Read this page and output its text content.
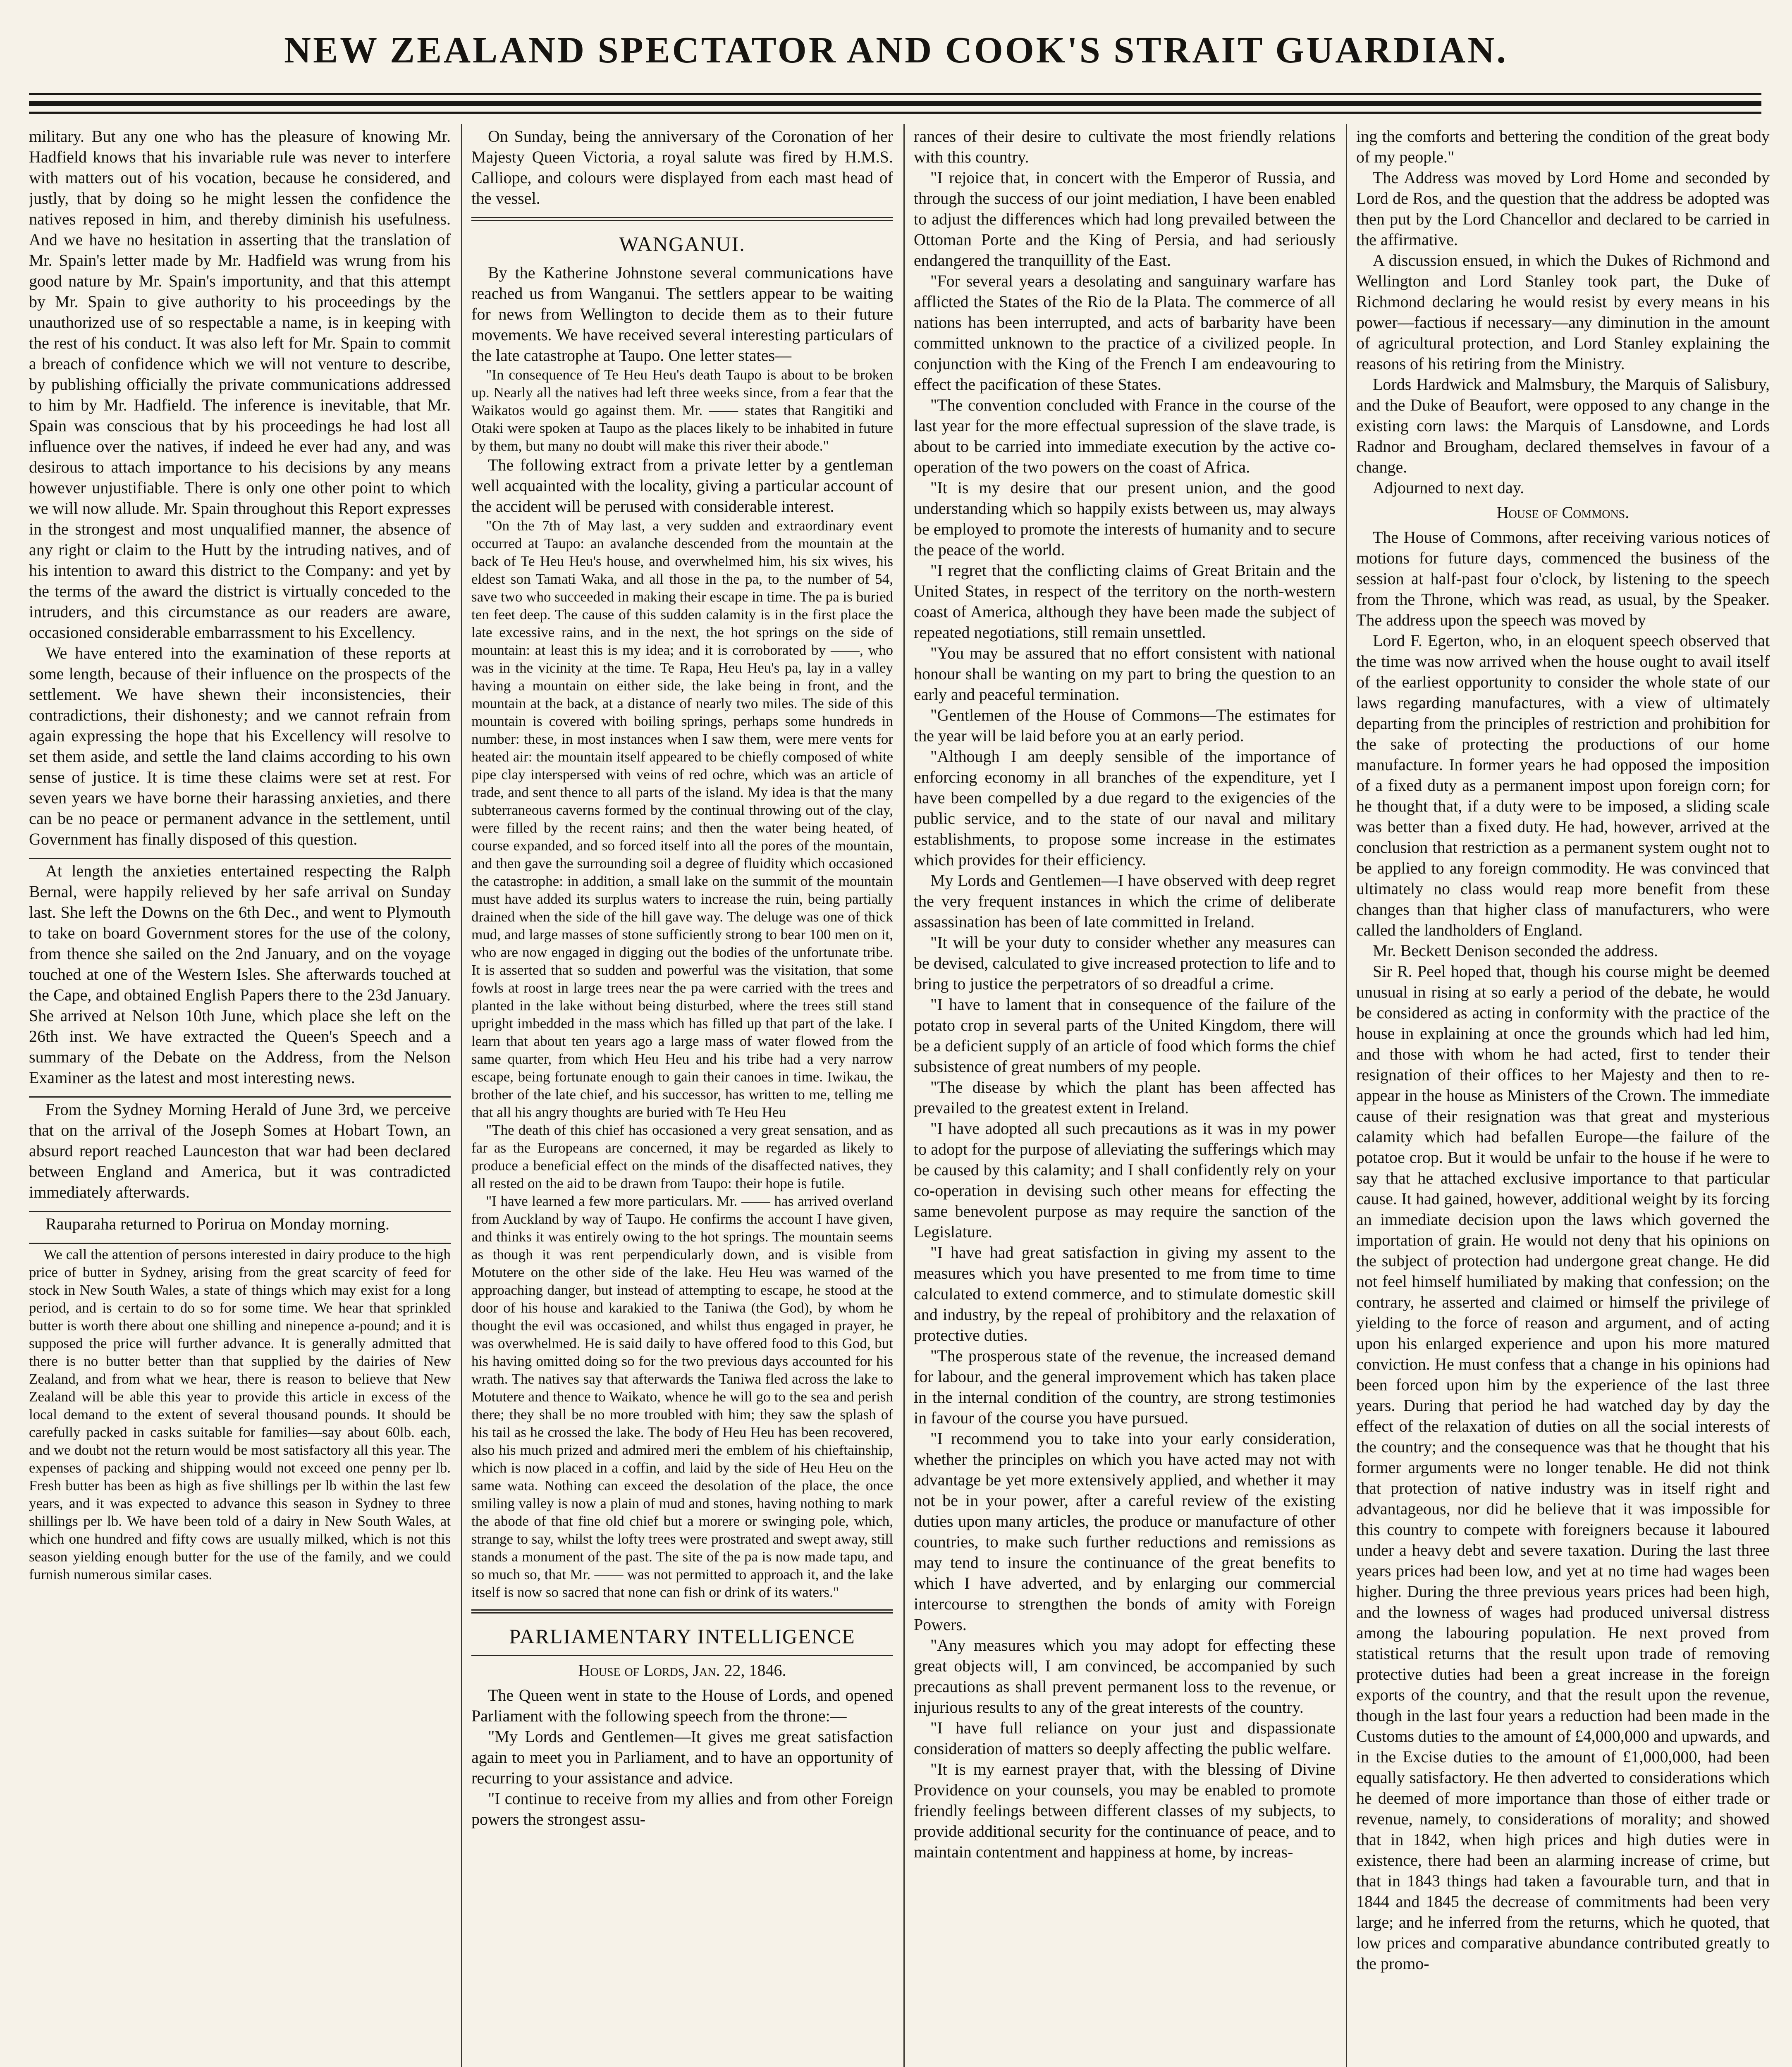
NEW ZEALAND SPECTATOR AND COOK'S STRAIT GUARDIAN.

military. But any one who has the pleasure of knowing Mr. Hadfield knows that his invariable rule was never to interfere with matters out of his vocation, because he considered, and justly, that by doing so he might lessen the confidence the natives reposed in him, and thereby diminish his usefulness. And we have no hesitation in asserting that the translation of Mr. Spain's letter made by Mr. Hadfield was wrung from his good nature by Mr. Spain's importunity, and that this attempt by Mr. Spain to give authority to his proceedings by the unauthorized use of so respectable a name, is in keeping with the rest of his conduct. It was also left for Mr. Spain to commit a breach of confidence which we will not venture to describe, by publishing officially the private communications addressed to him by Mr. Hadfield. The inference is inevitable, that Mr. Spain was conscious that by his proceedings he had lost all influence over the natives, if indeed he ever had any, and was desirous to attach importance to his decisions by any means however unjustifiable. There is only one other point to which we will now allude. Mr. Spain throughout this Report expresses in the strongest and most unqualified manner, the absence of any right or claim to the Hutt by the intruding natives, and of his intention to award this district to the Company: and yet by the terms of the award the district is virtually conceded to the intruders, and this circumstance as our readers are aware, occasioned considerable embarrassment to his Excellency.

We have entered into the examination of these reports at some length, because of their influence on the prospects of the settlement. We have shewn their inconsistencies, their contradictions, their dishonesty; and we cannot refrain from again expressing the hope that his Excellency will resolve to set them aside, and settle the land claims according to his own sense of justice. It is time these claims were set at rest. For seven years we have borne their harassing anxieties, and there can be no peace or permanent advance in the settlement, until Government has finally disposed of this question.

At length the anxieties entertained respecting the Ralph Bernal, were happily relieved by her safe arrival on Sunday last. She left the Downs on the 6th Dec., and went to Plymouth to take on board Government stores for the use of the colony, from thence she sailed on the 2nd January, and on the voyage touched at one of the Western Isles. She afterwards touched at the Cape, and obtained English Papers there to the 23d January. She arrived at Nelson 10th June, which place she left on the 26th inst. We have extracted the Queen's Speech and a summary of the Debate on the Address, from the Nelson Examiner as the latest and most interesting news.

From the Sydney Morning Herald of June 3rd, we perceive that on the arrival of the Joseph Somes at Hobart Town, an absurd report reached Launceston that war had been declared between England and America, but it was contradicted immediately afterwards.

Rauparaha returned to Porirua on Monday morning.

We call the attention of persons interested in dairy produce to the high price of butter in Sydney, arising from the great scarcity of feed for stock in New South Wales, a state of things which may exist for a long period, and is certain to do so for some time. We hear that sprinkled butter is worth there about one shilling and ninepence a-pound; and it is supposed the price will further advance. It is generally admitted that there is no butter better than that supplied by the dairies of New Zealand, and from what we hear, there is reason to believe that New Zealand will be able this year to provide this article in excess of the local demand to the extent of several thousand pounds. It should be carefully packed in casks suitable for families—say about 60lb. each, and we doubt not the return would be most satisfactory all this year. The expenses of packing and shipping would not exceed one penny per lb. Fresh butter has been as high as five shillings per lb within the last few years, and it was expected to advance this season in Sydney to three shillings per lb. We have been told of a dairy in New South Wales, at which one hundred and fifty cows are usually milked, which is not this season yielding enough butter for the use of the family, and we could furnish numerous similar cases.

On Sunday, being the anniversary of the Coronation of her Majesty Queen Victoria, a royal salute was fired by H.M.S. Calliope, and colours were displayed from each mast head of the vessel.

WANGANUI.

By the Katherine Johnstone several communications have reached us from Wanganui. The settlers appear to be waiting for news from Wellington to decide them as to their future movements. We have received several interesting particulars of the late catastrophe at Taupo. One letter states—

"In consequence of Te Heu Heu's death Taupo is about to be broken up. Nearly all the natives had left three weeks since, from a fear that the Waikatos would go against them. Mr. —— states that Rangitiki and Otaki were spoken at Taupo as the places likely to be inhabited in future by them, but many no doubt will make this river their abode."

The following extract from a private letter by a gentleman well acquainted with the locality, giving a particular account of the accident will be perused with considerable interest.

"On the 7th of May last, a very sudden and extraordinary event occurred at Taupo: an avalanche descended from the mountain at the back of Te Heu Heu's house, and overwhelmed him, his six wives, his eldest son Tamati Waka, and all those in the pa, to the number of 54, save two who succeeded in making their escape in time. The pa is buried ten feet deep. The cause of this sudden calamity is in the first place the late excessive rains, and in the next, the hot springs on the side of mountain: at least this is my idea; and it is corroborated by ——, who was in the vicinity at the time. Te Rapa, Heu Heu's pa, lay in a valley having a mountain on either side, the lake being in front, and the mountain at the back, at a distance of nearly two miles. The side of this mountain is covered with boiling springs, perhaps some hundreds in number: these, in most instances when I saw them, were mere vents for heated air: the mountain itself appeared to be chiefly composed of white pipe clay interspersed with veins of red ochre, which was an article of trade, and sent thence to all parts of the island. My idea is that the many subterraneous caverns formed by the continual throwing out of the clay, were filled by the recent rains; and then the water being heated, of course expanded, and so forced itself into all the pores of the mountain, and then gave the surrounding soil a degree of fluidity which occasioned the catastrophe: in addition, a small lake on the summit of the mountain must have added its surplus waters to increase the ruin, being partially drained when the side of the hill gave way. The deluge was one of thick mud, and large masses of stone sufficiently strong to bear 100 men on it, who are now engaged in digging out the bodies of the unfortunate tribe. It is asserted that so sudden and powerful was the visitation, that some fowls at roost in large trees near the pa were carried with the trees and planted in the lake without being disturbed, where the trees still stand upright imbedded in the mass which has filled up that part of the lake. I learn that about ten years ago a large mass of water flowed from the same quarter, from which Heu Heu and his tribe had a very narrow escape, being fortunate enough to gain their canoes in time. Iwikau, the brother of the late chief, and his successor, has written to me, telling me that all his angry thoughts are buried with Te Heu Heu

"The death of this chief has occasioned a very great sensation, and as far as the Europeans are concerned, it may be regarded as likely to produce a beneficial effect on the minds of the disaffected natives, they all rested on the aid to be drawn from Taupo: their hope is futile.

"I have learned a few more particulars. Mr. —— has arrived overland from Auckland by way of Taupo. He confirms the account I have given, and thinks it was entirely owing to the hot springs. The mountain seems as though it was rent perpendicularly down, and is visible from Motutere on the other side of the lake. Heu Heu was warned of the approaching danger, but instead of attempting to escape, he stood at the door of his house and karakied to the Taniwa (the God), by whom he thought the evil was occasioned, and whilst thus engaged in prayer, he was overwhelmed. He is said daily to have offered food to this God, but his having omitted doing so for the two previous days accounted for his wrath. The natives say that afterwards the Taniwa fled across the lake to Motutere and thence to Waikato, whence he will go to the sea and perish there; they shall be no more troubled with him; they saw the splash of his tail as he crossed the lake. The body of Heu Heu has been recovered, also his much prized and admired meri the emblem of his chieftainship, which is now placed in a coffin, and laid by the side of Heu Heu on the same wata. Nothing can exceed the desolation of the place, the once smiling valley is now a plain of mud and stones, having nothing to mark the abode of that fine old chief but a morere or swinging pole, which, strange to say, whilst the lofty trees were prostrated and swept away, still stands a monument of the past. The site of the pa is now made tapu, and so much so, that Mr. —— was not permitted to approach it, and the lake itself is now so sacred that none can fish or drink of its waters."

PARLIAMENTARY INTELLIGENCE
House of Lords, Jan. 22, 1846.

The Queen went in state to the House of Lords, and opened Parliament with the following speech from the throne:—

"My Lords and Gentlemen—It gives me great satisfaction again to meet you in Parliament, and to have an opportunity of recurring to your assistance and advice.

"I continue to receive from my allies and from other Foreign powers the strongest assu-

rances of their desire to cultivate the most friendly relations with this country.

"I rejoice that, in concert with the Emperor of Russia, and through the success of our joint mediation, I have been enabled to adjust the differences which had long prevailed between the Ottoman Porte and the King of Persia, and had seriously endangered the tranquillity of the East.

"For several years a desolating and sanguinary warfare has afflicted the States of the Rio de la Plata. The commerce of all nations has been interrupted, and acts of barbarity have been committed unknown to the practice of a civilized people. In conjunction with the King of the French I am endeavouring to effect the pacification of these States.

"The convention concluded with France in the course of the last year for the more effectual supression of the slave trade, is about to be carried into immediate execution by the active co-operation of the two powers on the coast of Africa.

"It is my desire that our present union, and the good understanding which so happily exists between us, may always be employed to promote the interests of humanity and to secure the peace of the world.

"I regret that the conflicting claims of Great Britain and the United States, in respect of the territory on the north-western coast of America, although they have been made the subject of repeated negotiations, still remain unsettled.

"You may be assured that no effort consistent with national honour shall be wanting on my part to bring the question to an early and peaceful termination.

"Gentlemen of the House of Commons—The estimates for the year will be laid before you at an early period.

"Although I am deeply sensible of the importance of enforcing economy in all branches of the expenditure, yet I have been compelled by a due regard to the exigencies of the public service, and to the state of our naval and military establishments, to propose some increase in the estimates which provides for their efficiency.

My Lords and Gentlemen—I have observed with deep regret the very frequent instances in which the crime of deliberate assassination has been of late committed in Ireland.

"It will be your duty to consider whether any measures can be devised, calculated to give increased protection to life and to bring to justice the perpetrators of so dreadful a crime.

"I have to lament that in consequence of the failure of the potato crop in several parts of the United Kingdom, there will be a deficient supply of an article of food which forms the chief subsistence of great numbers of my people.

"The disease by which the plant has been affected has prevailed to the greatest extent in Ireland.

"I have adopted all such precautions as it was in my power to adopt for the purpose of alleviating the sufferings which may be caused by this calamity; and I shall confidently rely on your co-operation in devising such other means for effecting the same benevolent purpose as may require the sanction of the Legislature.

"I have had great satisfaction in giving my assent to the measures which you have presented to me from time to time calculated to extend commerce, and to stimulate domestic skill and industry, by the repeal of prohibitory and the relaxation of protective duties.

"The prosperous state of the revenue, the increased demand for labour, and the general improvement which has taken place in the internal condition of the country, are strong testimonies in favour of the course you have pursued.

"I recommend you to take into your early consideration, whether the principles on which you have acted may not with advantage be yet more extensively applied, and whether it may not be in your power, after a careful review of the existing duties upon many articles, the produce or manufacture of other countries, to make such further reductions and remissions as may tend to insure the continuance of the great benefits to which I have adverted, and by enlarging our commercial intercourse to strengthen the bonds of amity with Foreign Powers.

"Any measures which you may adopt for effecting these great objects will, I am convinced, be accompanied by such precautions as shall prevent permanent loss to the revenue, or injurious results to any of the great interests of the country.

"I have full reliance on your just and dispassionate consideration of matters so deeply affecting the public welfare.

"It is my earnest prayer that, with the blessing of Divine Providence on your counsels, you may be enabled to promote friendly feelings between different classes of my subjects, to provide additional security for the continuance of peace, and to maintain contentment and happiness at home, by increas-

ing the comforts and bettering the condition of the great body of my people."

The Address was moved by Lord Home and seconded by Lord de Ros, and the question that the address be adopted was then put by the Lord Chancellor and declared to be carried in the affirmative.

A discussion ensued, in which the Dukes of Richmond and Wellington and Lord Stanley took part, the Duke of Richmond declaring he would resist by every means in his power—factious if necessary—any diminution in the amount of agricultural protection, and Lord Stanley explaining the reasons of his retiring from the Ministry.

Lords Hardwick and Malmsbury, the Marquis of Salisbury, and the Duke of Beaufort, were opposed to any change in the existing corn laws: the Marquis of Lansdowne, and Lords Radnor and Brougham, declared themselves in favour of a change.

Adjourned to next day.

House of Commons.

The House of Commons, after receiving various notices of motions for future days, commenced the business of the session at half-past four o'clock, by listening to the speech from the Throne, which was read, as usual, by the Speaker. The address upon the speech was moved by

Lord F. Egerton, who, in an eloquent speech observed that the time was now arrived when the house ought to avail itself of the earliest opportunity to consider the whole state of our laws regarding manufactures, with a view of ultimately departing from the principles of restriction and prohibition for the sake of protecting the productions of our home manufacture. In former years he had opposed the imposition of a fixed duty as a permanent impost upon foreign corn; for he thought that, if a duty were to be imposed, a sliding scale was better than a fixed duty. He had, however, arrived at the conclusion that restriction as a permanent system ought not to be applied to any foreign commodity. He was convinced that ultimately no class would reap more benefit from these changes than that higher class of manufacturers, who were called the landholders of England.

Mr. Beckett Denison seconded the address.

Sir R. Peel hoped that, though his course might be deemed unusual in rising at so early a period of the debate, he would be considered as acting in conformity with the practice of the house in explaining at once the grounds which had led him, and those with whom he had acted, first to tender their resignation of their offices to her Majesty and then to re-appear in the house as Ministers of the Crown. The immediate cause of their resignation was that great and mysterious calamity which had befallen Europe—the failure of the potatoe crop. But it would be unfair to the house if he were to say that he attached exclusive importance to that particular cause. It had gained, however, additional weight by its forcing an immediate decision upon the laws which governed the importation of grain. He would not deny that his opinions on the subject of protection had undergone great change. He did not feel himself humiliated by making that confession; on the contrary, he asserted and claimed or himself the privilege of yielding to the force of reason and argument, and of acting upon his enlarged experience and upon his more matured conviction. He must confess that a change in his opinions had been forced upon him by the experience of the last three years. During that period he had watched day by day the effect of the relaxation of duties on all the social interests of the country; and the consequence was that he thought that his former arguments were no longer tenable. He did not think that protection of native industry was in itself right and advantageous, nor did he believe that it was impossible for this country to compete with foreigners because it laboured under a heavy debt and severe taxation. During the last three years prices had been low, and yet at no time had wages been higher. During the three previous years prices had been high, and the lowness of wages had produced universal distress among the labouring population. He next proved from statistical returns that the result upon trade of removing protective duties had been a great increase in the foreign exports of the country, and that the result upon the revenue, though in the last four years a reduction had been made in the Customs duties to the amount of £4,000,000 and upwards, and in the Excise duties to the amount of £1,000,000, had been equally satisfactory. He then adverted to considerations which he deemed of more importance than those of either trade or revenue, namely, to considerations of morality; and showed that in 1842, when high prices and high duties were in existence, there had been an alarming increase of crime, but that in 1843 things had taken a favourable turn, and that in 1844 and 1845 the decrease of commitments had been very large; and he inferred from the returns, which he quoted, that low prices and comparative abundance contributed greatly to the promo-
